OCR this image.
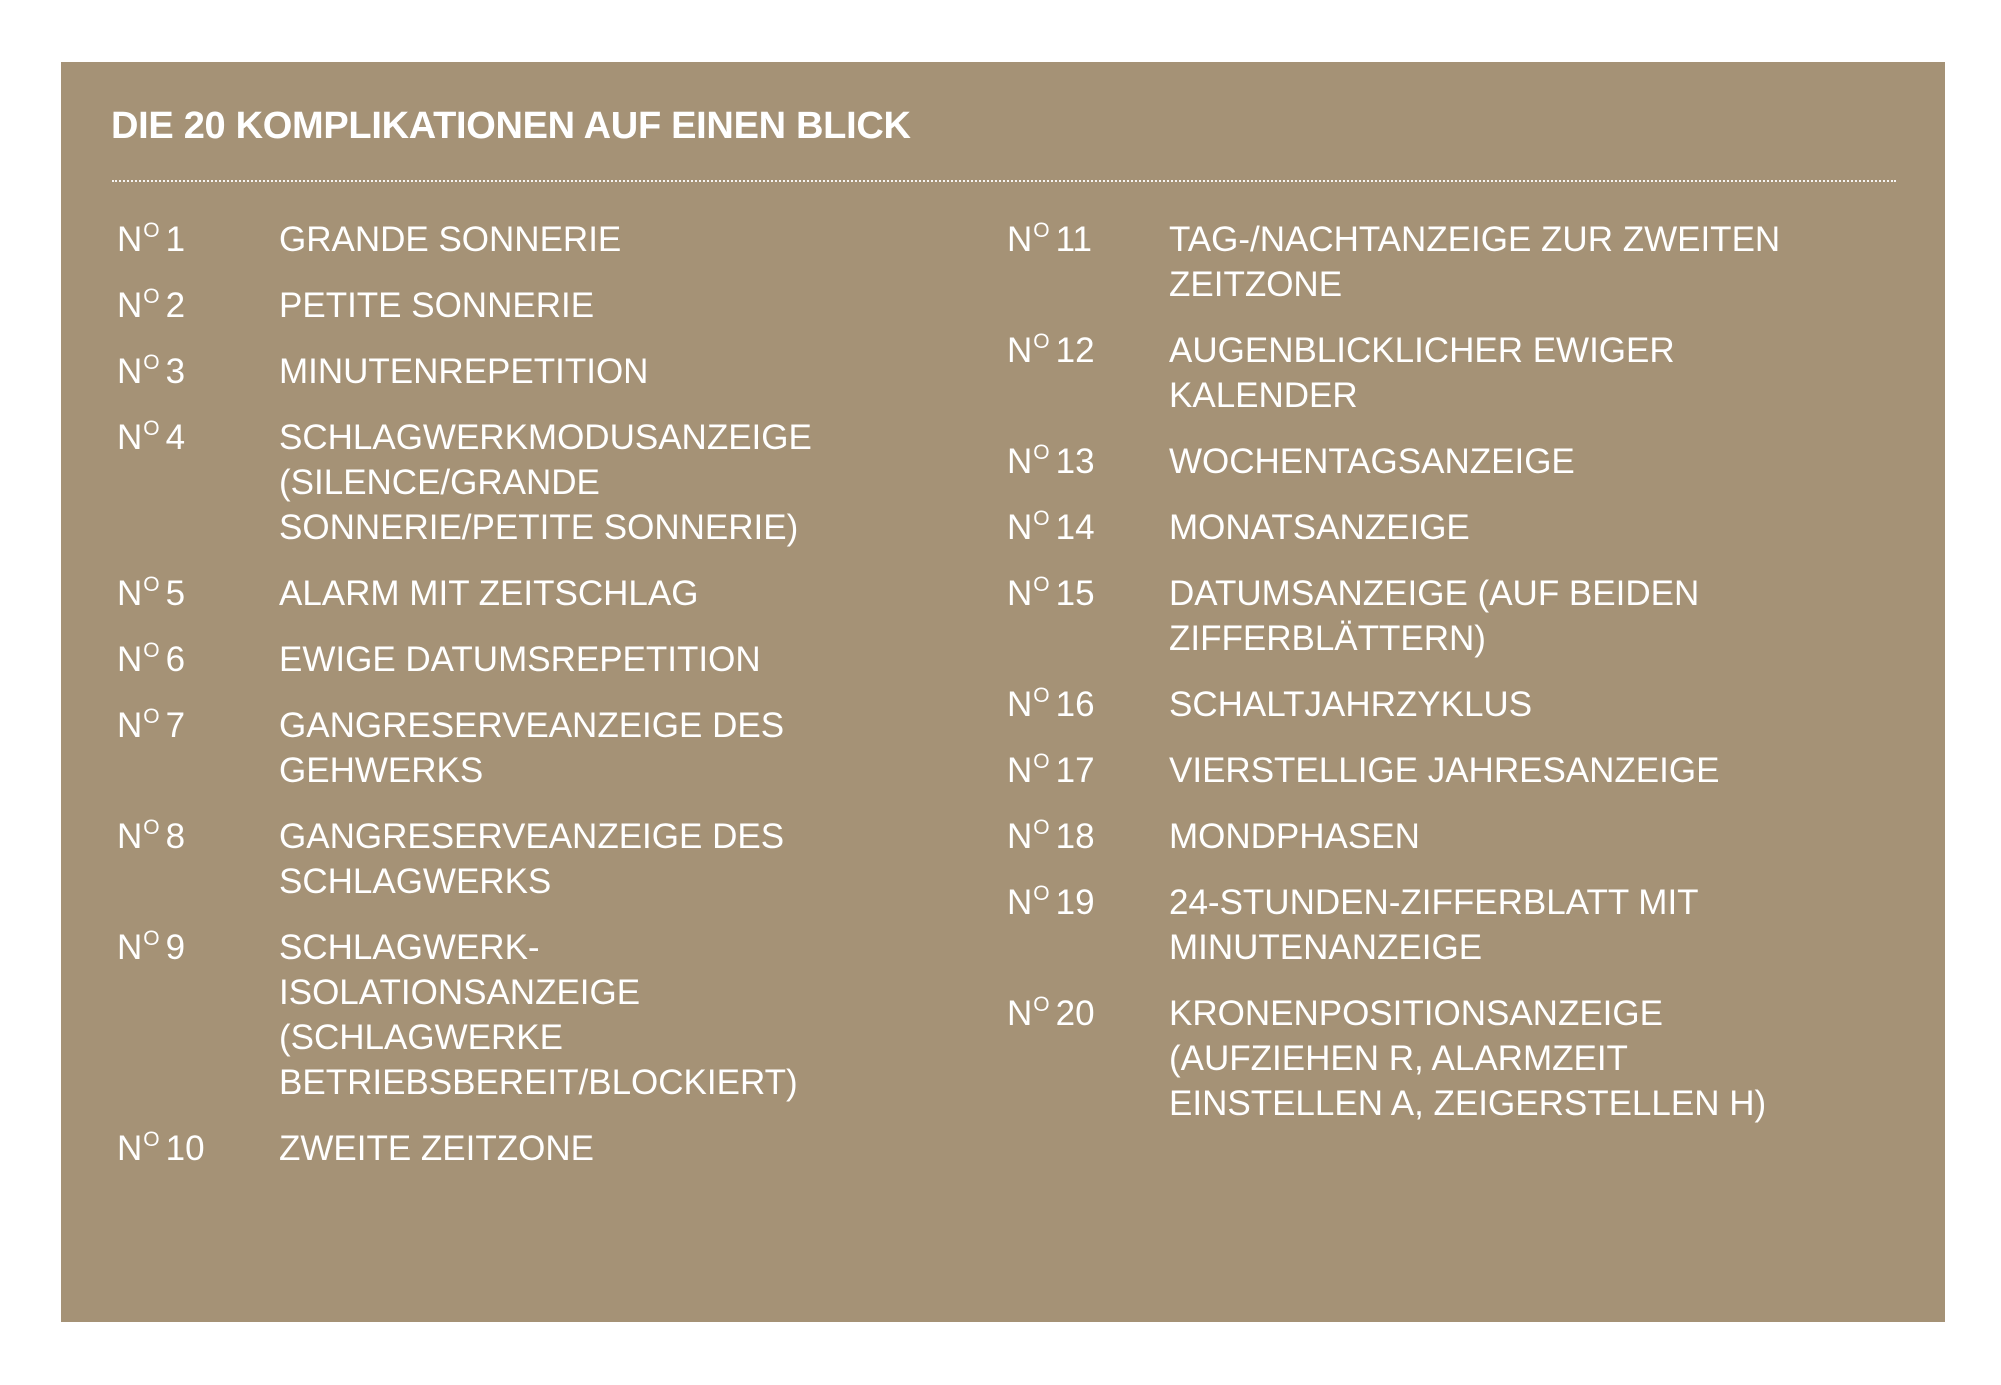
DIE 20 KOMPLIKATIONEN AUF EINEN BLICK
$N^O$ 1	GRANDE SONNERIE
$N^O$ 2	PETITE SONNERIE
$N^O$ 3	MINUTENREPETITION
$N^O$ 4	SCHLAGWERKMODUSANZEIGE
(SILENCE/GRANDE
SONNERIE/PETITE SONNERIE)
$N^O$ 5	ALARM MIT ZEITSCHLAG
$N^O$ 6	EWIGE DATUMSREPETITION
$N^O$ 7	GANGRESERVEANZEIGE DES
GEHWERKS
$N^O$ 8	GANGRESERVEANZEIGE DES
SCHLAGWERKS
$N^O$ 9	SCHLAGWERK-
ISOLATIONSANZEIGE
(SCHLAGWERKE
BETRIEBSBEREIT/BLOCKIERT)
$N^O$ 10	ZWEITE ZEITZONE
$N^O$ 11	TAG-/NACHTANZEIGE ZUR ZWEITEN
ZEITZONE
$N^O$ 12	AUGENBLICKLICHER EWIGER
KALENDER
$N^O$ 13	WOCHENTAGSANZEIGE
$N^O$ 14	MONATSANZEIGE
$N^O$ 15	DATUMSANZEIGE (AUF BEIDEN
ZIFFERBLÄTTERN)
$N^O$ 16	SCHALTJAHRZYKLUS
$N^O$ 17	VIERSTELLIGE JAHRESANZEIGE
$N^O$ 18	MONDPHASEN
$N^O$ 19	24-STUNDEN-ZIFFERBLATT MIT
MINUTENANZEIGE
$N^O$ 20	KRONENPOSITIONSANZEIGE
(AUFZIEHEN R, ALARMZEIT
EINSTELLEN A, ZEIGERSTELLEN H)
